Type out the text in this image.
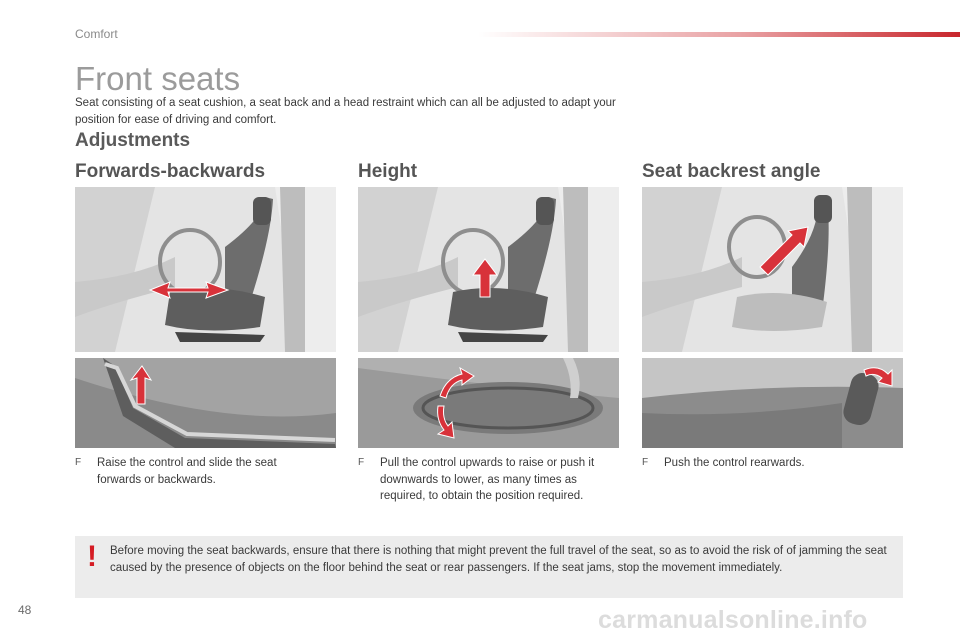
Comfort
Front seats

Seat consisting of a seat cushion, a seat back and a head restraint which can all be adjusted to adapt your position for ease of driving and comfort.

Adjustments
Forwards-backwards	Height	Seat backrest angle
F	Raise the control and slide the seat forwards or backwards.
F	Pull the control upwards to raise or push it downwards to lower, as many times as required, to obtain the position required.
F	Push the control rearwards.
! Before moving the seat backwards, ensure that there is nothing that might prevent the full travel of the seat, so as to avoid the risk of of jamming the seat caused by the presence of objects on the floor behind the seat or rear passengers. If the seat jams, stop the movement immediately.
48	carmanualsonline.info
